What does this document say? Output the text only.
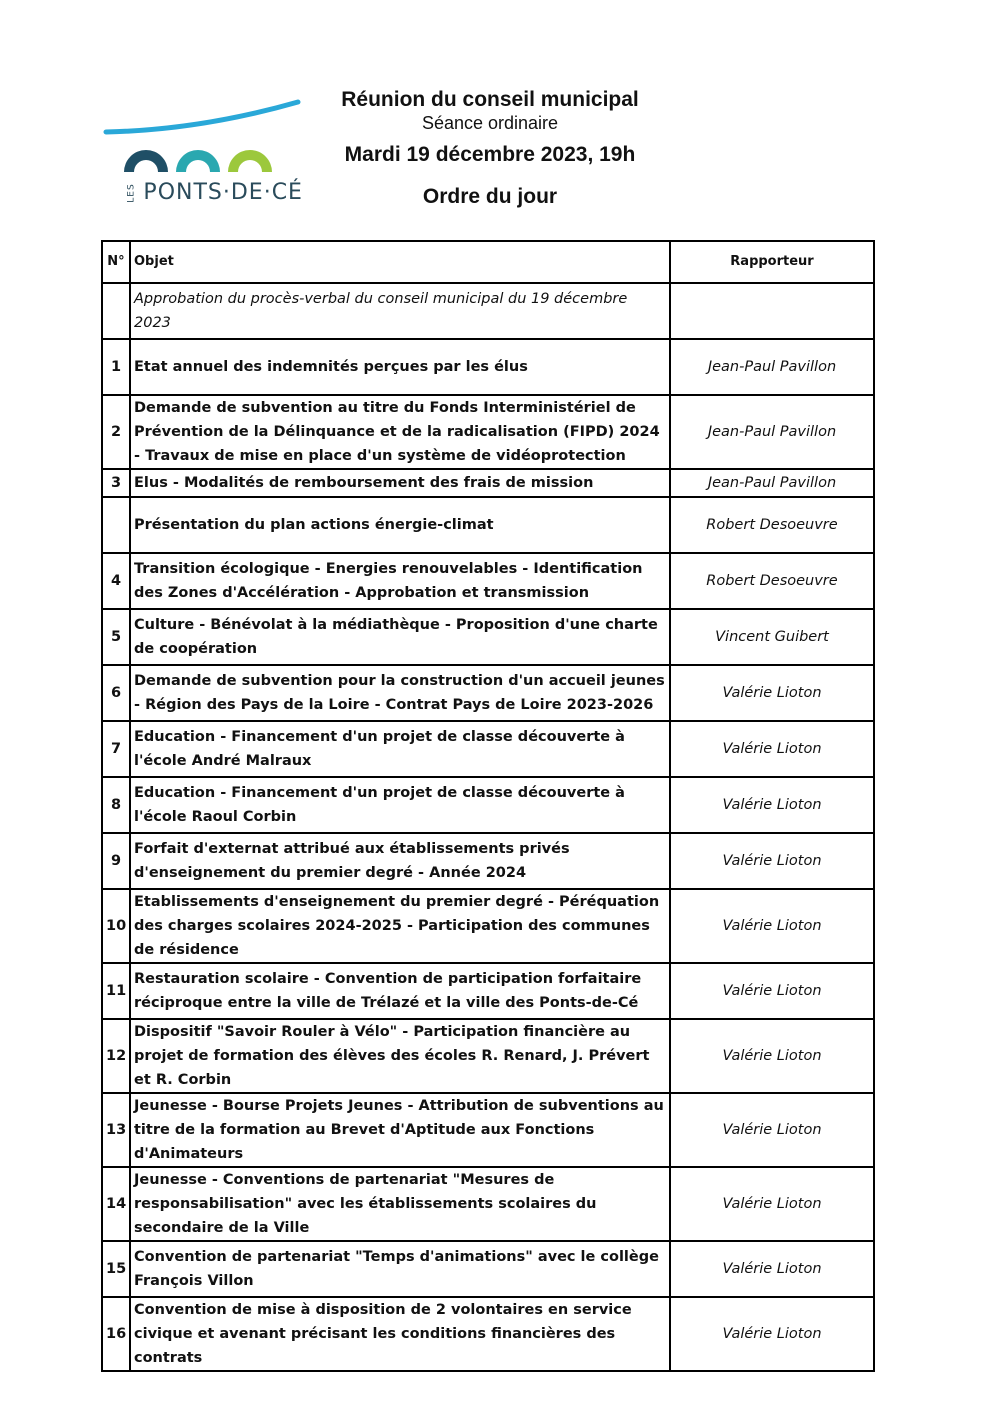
LES PONTS·DE·CÉ
Réunion du conseil municipal
Séance ordinaire
Mardi 19 décembre 2023, 19h
Ordre du jour
N°	Objet	Rapporteur
	Approbation du procès-verbal du conseil municipal du 19 décembre 2023	
1	Etat annuel des indemnités perçues par les élus	Jean-Paul Pavillon
2	Demande de subvention au titre du Fonds Interministériel de Prévention de la Délinquance et de la radicalisation (FIPD) 2024 - Travaux de mise en place d'un système de vidéoprotection	Jean-Paul Pavillon
3	Elus - Modalités de remboursement des frais de mission	Jean-Paul Pavillon
	Présentation du plan actions énergie-climat	Robert Desoeuvre
4	Transition écologique - Energies renouvelables - Identification des Zones d'Accélération - Approbation et transmission	Robert Desoeuvre
5	Culture - Bénévolat à la médiathèque - Proposition d'une charte de coopération	Vincent Guibert
6	Demande de subvention pour la construction d'un accueil jeunes - Région des Pays de la Loire - Contrat Pays de Loire 2023-2026	Valérie Lioton
7	Education - Financement d'un projet de classe découverte à l'école André Malraux	Valérie Lioton
8	Education - Financement d'un projet de classe découverte à l'école Raoul Corbin	Valérie Lioton
9	Forfait d'externat attribué aux établissements privés d'enseignement du premier degré - Année 2024	Valérie Lioton
10	Etablissements d'enseignement du premier degré - Péréquation des charges scolaires 2024-2025 - Participation des communes de résidence	Valérie Lioton
11	Restauration scolaire - Convention de participation forfaitaire réciproque entre la ville de Trélazé et la ville des Ponts-de-Cé	Valérie Lioton
12	Dispositif "Savoir Rouler à Vélo" - Participation financière au projet de formation des élèves des écoles R. Renard, J. Prévert et R. Corbin	Valérie Lioton
13	Jeunesse - Bourse Projets Jeunes - Attribution de subventions au titre de la formation au Brevet d'Aptitude aux Fonctions d'Animateurs	Valérie Lioton
14	Jeunesse - Conventions de partenariat "Mesures de responsabilisation" avec les établissements scolaires du secondaire de la Ville	Valérie Lioton
15	Convention de partenariat "Temps d'animations" avec le collège François Villon	Valérie Lioton
16	Convention de mise à disposition de 2 volontaires en service civique et avenant précisant les conditions financières des contrats	Valérie Lioton
